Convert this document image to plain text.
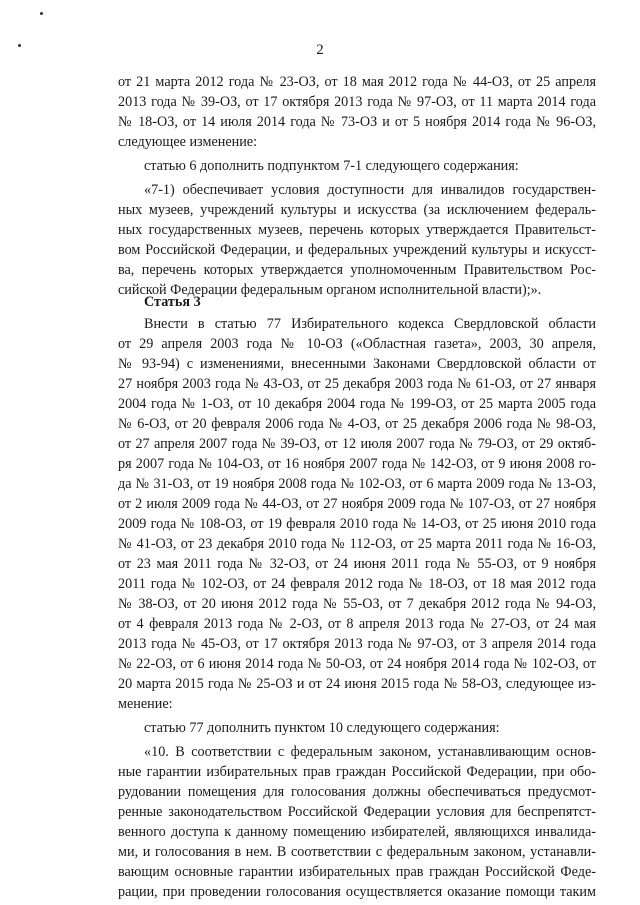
2
от 21 марта 2012 года № 23-ОЗ, от 18 мая 2012 года № 44-ОЗ, от 25 апреля
2013 года № 39-ОЗ, от 17 октября 2013 года № 97-ОЗ, от 11 марта 2014 года
№ 18-ОЗ, от 14 июля 2014 года № 73-ОЗ и от 5 ноября 2014 года № 96-ОЗ,
следующее изменение:
статью 6 дополнить подпунктом 7-1 следующего содержания:
«7-1) обеспечивает условия доступности для инвалидов государствен-
ных музеев, учреждений культуры и искусства (за исключением федераль-
ных государственных музеев, перечень которых утверждается Правительст-
вом Российской Федерации, и федеральных учреждений культуры и искусст-
ва, перечень которых утверждается уполномоченным Правительством Рос-
сийской Федерации федеральным органом исполнительной власти);».
Статья 3
Внести в статью 77 Избирательного кодекса Свердловской области
от 29 апреля 2003 года № 10-ОЗ («Областная газета», 2003, 30 апреля,
№ 93-94) с изменениями, внесенными Законами Свердловской области от
27 ноября 2003 года № 43-ОЗ, от 25 декабря 2003 года № 61-ОЗ, от 27 января
2004 года № 1-ОЗ, от 10 декабря 2004 года № 199-ОЗ, от 25 марта 2005 года
№ 6-ОЗ, от 20 февраля 2006 года № 4-ОЗ, от 25 декабря 2006 года № 98-ОЗ,
от 27 апреля 2007 года № 39-ОЗ, от 12 июля 2007 года № 79-ОЗ, от 29 октяб-
ря 2007 года № 104-ОЗ, от 16 ноября 2007 года № 142-ОЗ, от 9 июня 2008 го-
да № 31-ОЗ, от 19 ноября 2008 года № 102-ОЗ, от 6 марта 2009 года № 13-ОЗ,
от 2 июля 2009 года № 44-ОЗ, от 27 ноября 2009 года № 107-ОЗ, от 27 ноября
2009 года № 108-ОЗ, от 19 февраля 2010 года № 14-ОЗ, от 25 июня 2010 года
№ 41-ОЗ, от 23 декабря 2010 года № 112-ОЗ, от 25 марта 2011 года № 16-ОЗ,
от 23 мая 2011 года № 32-ОЗ, от 24 июня 2011 года № 55-ОЗ, от 9 ноября
2011 года № 102-ОЗ, от 24 февраля 2012 года № 18-ОЗ, от 18 мая 2012 года
№ 38-ОЗ, от 20 июня 2012 года № 55-ОЗ, от 7 декабря 2012 года № 94-ОЗ,
от 4 февраля 2013 года № 2-ОЗ, от 8 апреля 2013 года № 27-ОЗ, от 24 мая
2013 года № 45-ОЗ, от 17 октября 2013 года № 97-ОЗ, от 3 апреля 2014 года
№ 22-ОЗ, от 6 июня 2014 года № 50-ОЗ, от 24 ноября 2014 года № 102-ОЗ, от
20 марта 2015 года № 25-ОЗ и от 24 июня 2015 года № 58-ОЗ, следующее из-
менение:
статью 77 дополнить пунктом 10 следующего содержания:
«10. В соответствии с федеральным законом, устанавливающим основ-
ные гарантии избирательных прав граждан Российской Федерации, при обо-
рудовании помещения для голосования должны обеспечиваться предусмот-
ренные законодательством Российской Федерации условия для беспрепятст-
венного доступа к данному помещению избирателей, являющихся инвалида-
ми, и голосования в нем. В соответствии с федеральным законом, устанавли-
вающим основные гарантии избирательных прав граждан Российской Феде-
рации, при проведении голосования осуществляется оказание помощи таким
